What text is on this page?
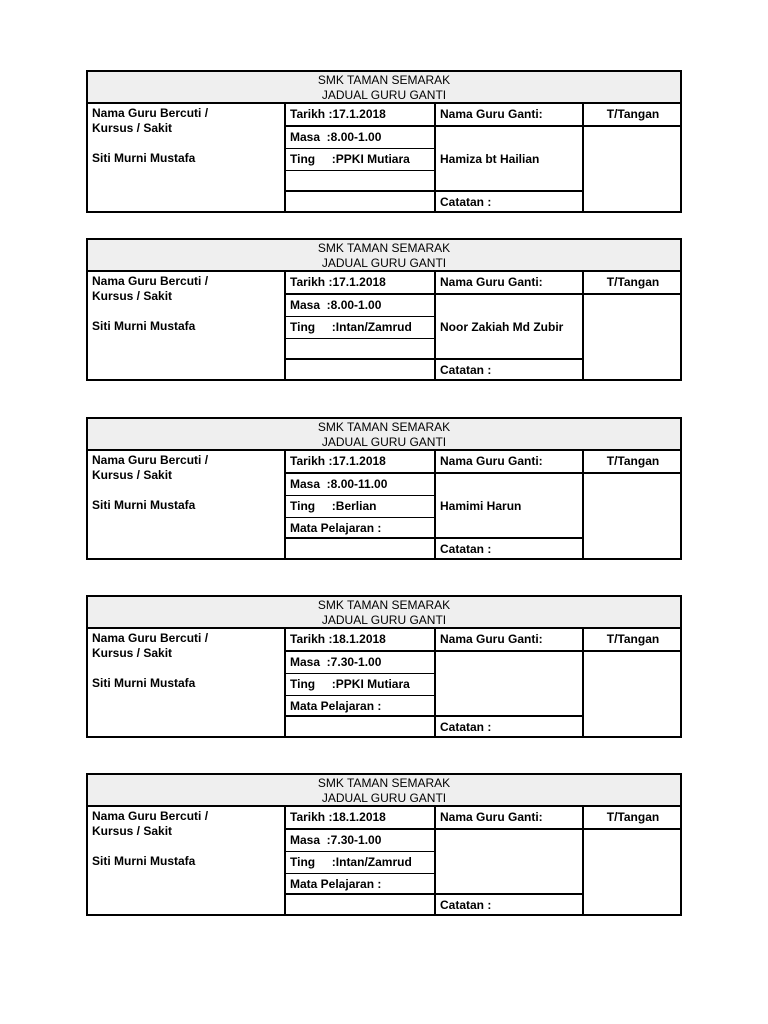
SMK TAMAN SEMARAK
JADUAL GURU GANTI
Nama Guru Bercuti /
Kursus / Sakit
Siti Murni Mustafa
Tarikh :17.1.2018
Masa  :8.00-1.00
Ting     :PPKI Mutiara
Nama Guru Ganti:
Hamiza bt Hailian
Catatan :
T/Tangan
SMK TAMAN SEMARAK
JADUAL GURU GANTI
Nama Guru Bercuti /
Kursus / Sakit
Siti Murni Mustafa
Tarikh :17.1.2018
Masa  :8.00-1.00
Ting     :Intan/Zamrud
Nama Guru Ganti:
Noor Zakiah Md Zubir
Catatan :
T/Tangan
SMK TAMAN SEMARAK
JADUAL GURU GANTI
Nama Guru Bercuti /
Kursus / Sakit
Siti Murni Mustafa
Tarikh :17.1.2018
Masa  :8.00-11.00
Ting     :Berlian
Mata Pelajaran :
Nama Guru Ganti:
Hamimi Harun
Catatan :
T/Tangan
SMK TAMAN SEMARAK
JADUAL GURU GANTI
Nama Guru Bercuti /
Kursus / Sakit
Siti Murni Mustafa
Tarikh :18.1.2018
Masa  :7.30-1.00
Ting     :PPKI Mutiara
Mata Pelajaran :
Nama Guru Ganti:
Catatan :
T/Tangan
SMK TAMAN SEMARAK
JADUAL GURU GANTI
Nama Guru Bercuti /
Kursus / Sakit
Siti Murni Mustafa
Tarikh :18.1.2018
Masa  :7.30-1.00
Ting     :Intan/Zamrud
Mata Pelajaran :
Nama Guru Ganti:
Catatan :
T/Tangan
